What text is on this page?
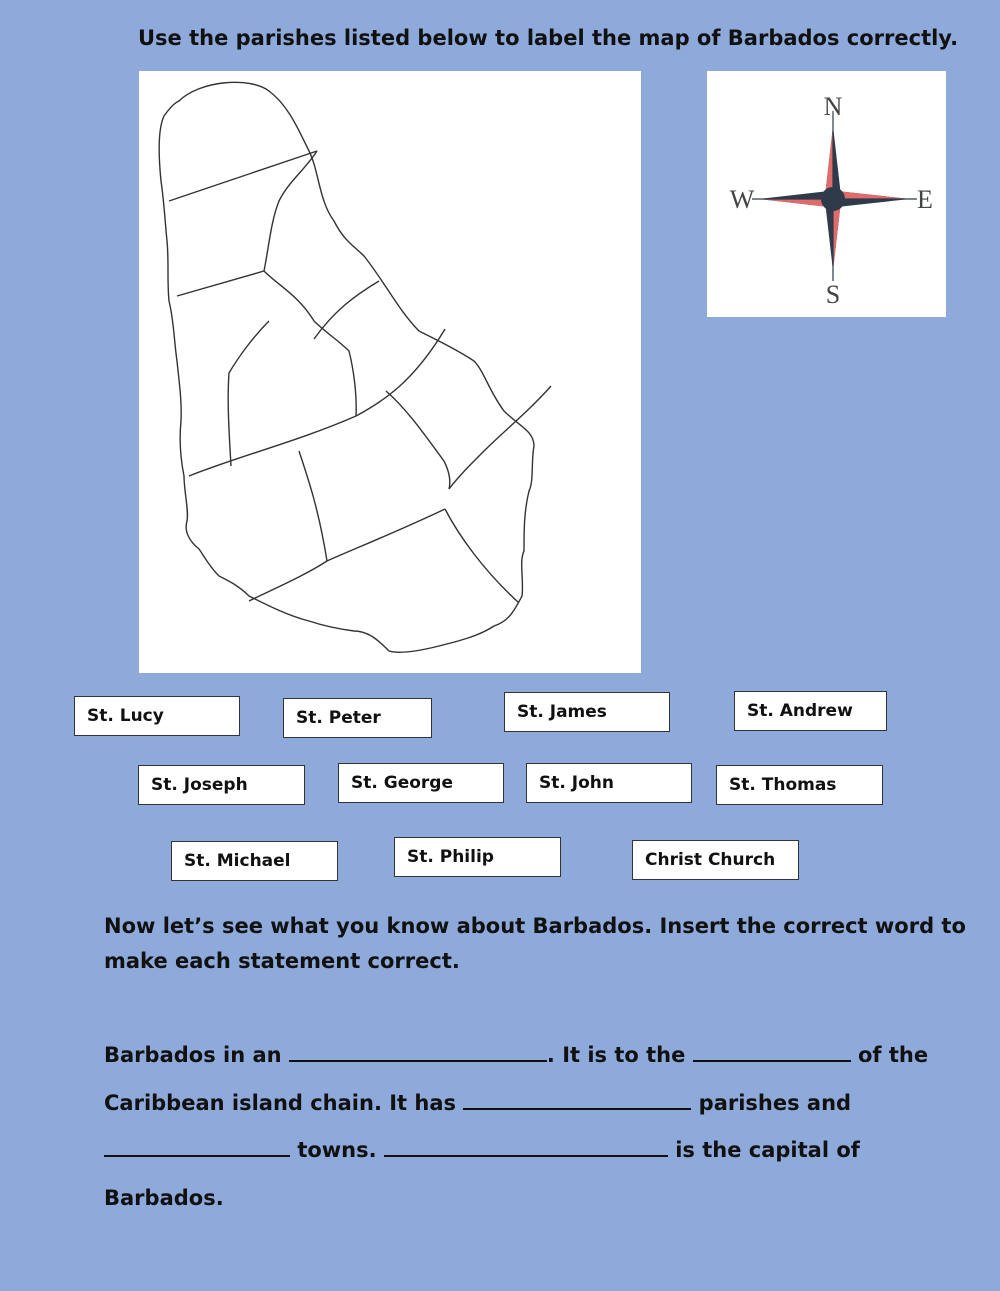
Use the parishes listed below to label the map of Barbados correctly.
N
S
W	E
St. Lucy	St. Peter	St. James	St. Andrew
St. Joseph	St. George	St. John	St. Thomas
St. Michael	St. Philip	Christ Church
Now let’s see what you know about Barbados. Insert the correct word to
make each statement correct.
Barbados in an	. It is to the	of the
Caribbean island chain. It has	parishes and
towns.	is the capital of
Barbados.
